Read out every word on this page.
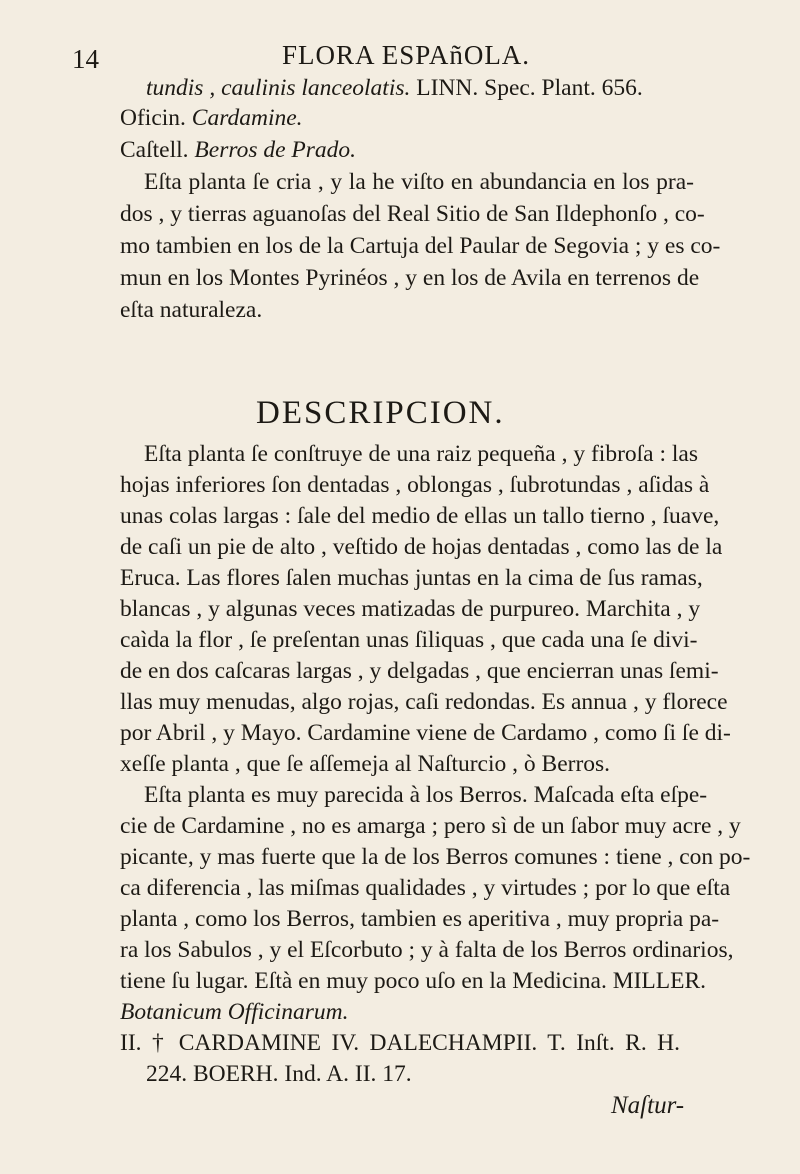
14	FLORA ESPAñOLA.
tundis , caulinis lanceolatis. LINN. Spec. Plant. 656.
Oficin. Cardamine.
Caſtell. Berros de Prado.
Eſta planta ſe cria , y la he viſto en abundancia en los pra-
dos , y tierras aguanoſas del Real Sitio de San Ildephonſo , co-
mo tambien en los de la Cartuja del Paular de Segovia ; y es co-
mun en los Montes Pyrinéos , y en los de Avila en terrenos de
eſta naturaleza.
DESCRIPCION.
Eſta planta ſe conſtruye de una raiz pequeña , y fibroſa : las
hojas inferiores ſon dentadas , oblongas , ſubrotundas , aſidas à
unas colas largas : ſale del medio de ellas un tallo tierno , ſuave,
de caſi un pie de alto , veſtido de hojas dentadas , como las de la
Eruca. Las flores ſalen muchas juntas en la cima de ſus ramas,
blancas , y algunas veces matizadas de purpureo. Marchita , y
caìda la flor , ſe preſentan unas ſiliquas , que cada una ſe divi-
de en dos caſcaras largas , y delgadas , que encierran unas ſemi-
llas muy menudas, algo rojas, caſi redondas. Es annua , y florece
por Abril , y Mayo. Cardamine viene de Cardamo , como ſi ſe di-
xeſſe planta , que ſe aſſemeja al Naſturcio , ò Berros.
Eſta planta es muy parecida à los Berros. Maſcada eſta eſpe-
cie de Cardamine , no es amarga ; pero sì de un ſabor muy acre , y
picante, y mas fuerte que la de los Berros comunes : tiene , con po-
ca diferencia , las miſmas qualidades , y virtudes ; por lo que eſta
planta , como los Berros, tambien es aperitiva , muy propria pa-
ra los Sabulos , y el Eſcorbuto ; y à falta de los Berros ordinarios,
tiene ſu lugar. Eſtà en muy poco uſo en la Medicina. MILLER.
Botanicum Officinarum.
II. † CARDAMINE IV. DALECHAMPII. T. Inſt. R. H.
224. BOERH. Ind. A. II. 17.
Naſtur-
